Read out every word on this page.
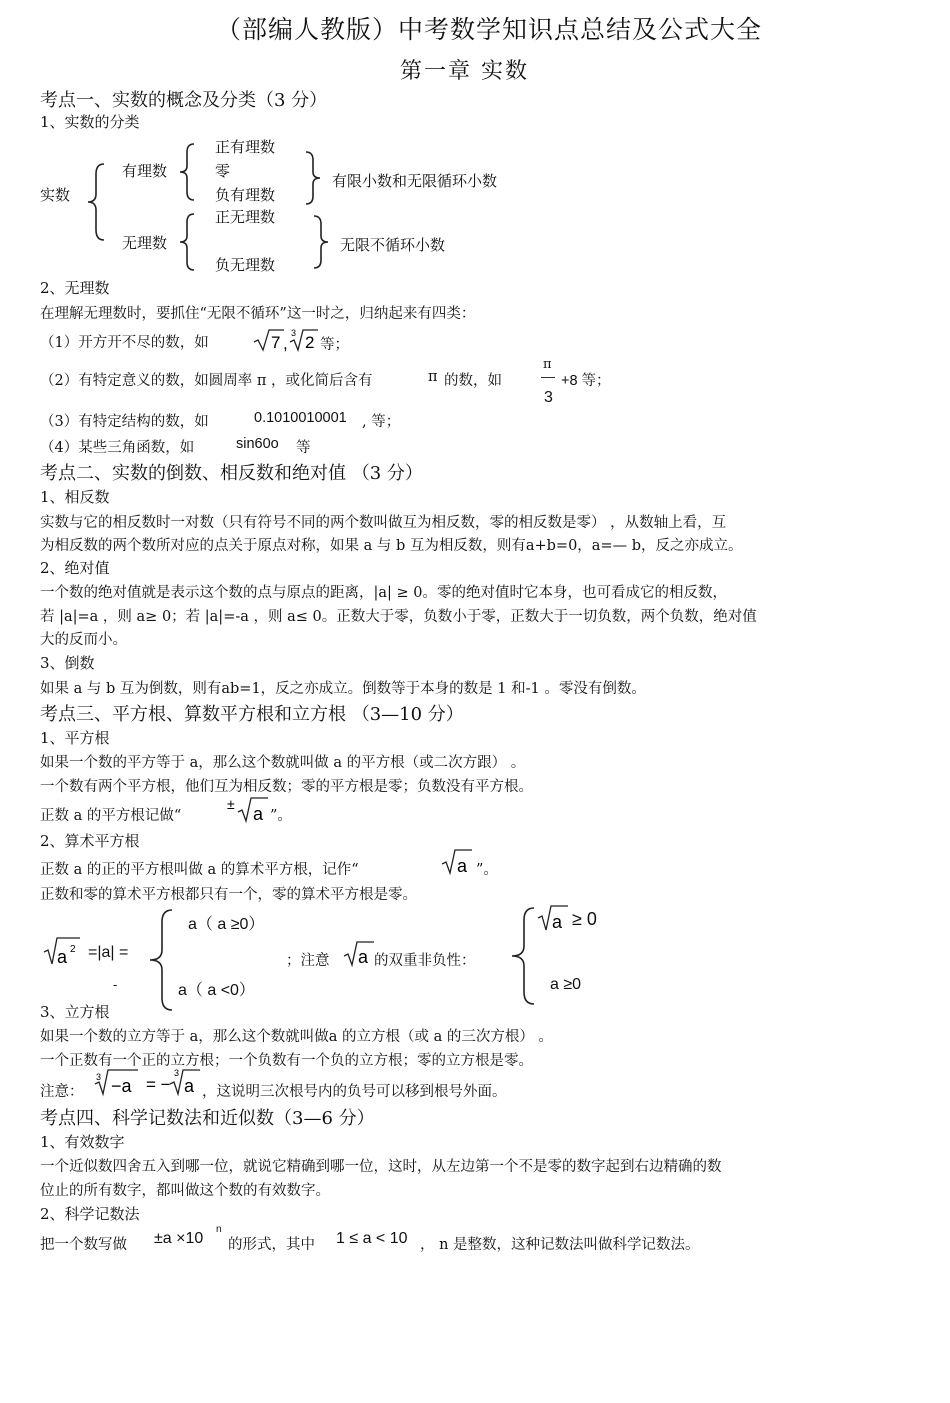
（部编人教版）中考数学知识点总结及公式大全
第一章 实数
考点一、实数的概念及分类（3 分）
1、实数的分类
实数
有理数
无理数
正有理数
零
负有理数
有限小数和无限循环小数
正无理数
负无理数
无限不循环小数
2、无理数
在理解无理数时，要抓住“无限不循环”这一时之，归纳起来有四类：
（1）开方开不尽的数，如	7 ,
3 2 等；
（2）有特定意义的数，如圆周率 π ，或化简后含有	π 的数，如
π
3
+8 等；
（3）有特定结构的数，如	0.1010010001 , 等；
（4）某些三角函数，如	sin60o 等
考点二、实数的倒数、相反数和绝对值 （3 分）
1、相反数
实数与它的相反数时一对数（只有符号不同的两个数叫做互为相反数，零的相反数是零） ，从数轴上看，互
为相反数的两个数所对应的点关于原点对称，如果 a 与 b 互为相反数，则有a+b=0，a=— b，反之亦成立。
2、绝对值
一个数的绝对值就是表示这个数的点与原点的距离，|a| ≥ 0。零的绝对值时它本身，也可看成它的相反数，
若 |a|=a ，则 a≥ 0；若 |a|=-a ，则 a≤ 0。正数大于零，负数小于零，正数大于一切负数，两个负数，绝对值
大的反而小。
3、倒数
如果 a 与 b 互为倒数，则有ab=1，反之亦成立。倒数等于本身的数是 1 和-1 。零没有倒数。
考点三、平方根、算数平方根和立方根 （3—10 分）
1、平方根
如果一个数的平方等于 a，那么这个数就叫做 a 的平方根（或二次方跟） 。
一个数有两个平方根，他们互为相反数；零的平方根是零；负数没有平方根。
正数 a 的平方根记做“
± a ”。
2、算术平方根
正数 a 的正的平方根叫做 a 的算术平方根，记作“	a ”。
正数和零的算术平方根都只有一个，零的算术平方根是零。
a 2 =|a| =
a（ a ≥0）
-	a（ a <0）
；注意 a 的双重非负性：
a ≥ 0
a ≥0
3、立方根
如果一个数的立方等于 a，那么这个数就叫做a 的立方根（或 a 的三次方根） 。
一个正数有一个正的立方根；一个负数有一个负的立方根；零的立方根是零。
注意：
3 −a = −
3
a ，这说明三次根号内的负号可以移到根号外面。
考点四、科学记数法和近似数（3—6 分）
1、有效数字
一个近似数四舍五入到哪一位，就说它精确到哪一位，这时，从左边第一个不是零的数字起到右边精确的数
位止的所有数字，都叫做这个数的有效数字。
2、科学记数法
把一个数写做 ±a ×10
n
的形式，其中 1 ≤ a < 10 ， n 是整数，这种记数法叫做科学记数法。
